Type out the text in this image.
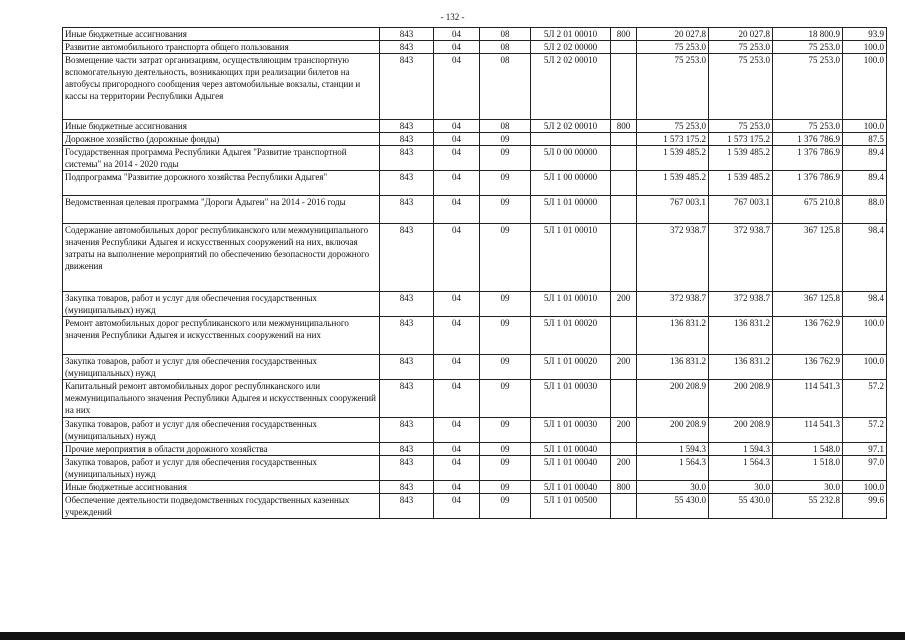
- 132 -
Иные бюджетные ассигнования	843	04	08	5Л 2 01 00010	800	20 027.8	20 027.8	18 800.9	93.9
Развитие автомобильного транспорта общего пользования	843	04	08	5Л 2 02 00000		75 253.0	75 253.0	75 253.0	100.0
Возмещение части затрат организациям, осуществляющим транспортную вспомогательную деятельность, возникающих при реализации билетов на автобусы пригородного сообщения через автомобильные вокзалы, станции и кассы на территории Республики Адыгея	843	04	08	5Л 2 02 00010		75 253.0	75 253.0	75 253.0	100.0
Иные бюджетные ассигнования	843	04	08	5Л 2 02 00010	800	75 253.0	75 253.0	75 253.0	100.0
Дорожное хозяйство (дорожные фонды)	843	04	09			1 573 175.2	1 573 175.2	1 376 786.9	87.5
Государственная программа Республики Адыгея "Развитие транспортной системы" на 2014 - 2020 годы	843	04	09	5Л 0 00 00000		1 539 485.2	1 539 485.2	1 376 786.9	89.4
Подпрограмма "Развитие дорожного хозяйства Республики Адыгея"	843	04	09	5Л 1 00 00000		1 539 485.2	1 539 485.2	1 376 786.9	89.4
Ведомственная целевая программа "Дороги Адыгеи" на 2014 - 2016 годы	843	04	09	5Л 1 01 00000		767 003.1	767 003.1	675 210.8	88.0
Содержание автомобильных дорог республиканского или межмуниципального значения Республики Адыгея и искусственных сооружений на них, включая затраты на выполнение мероприятий по обеспечению безопасности дорожного движения	843	04	09	5Л 1 01 00010		372 938.7	372 938.7	367 125.8	98.4
Закупка товаров, работ и услуг для обеспечения государственных (муниципальных) нужд	843	04	09	5Л 1 01 00010	200	372 938.7	372 938.7	367 125.8	98.4
Ремонт автомобильных дорог республиканского или межмуниципального значения Республики Адыгея и искусственных сооружений на них	843	04	09	5Л 1 01 00020		136 831.2	136 831.2	136 762.9	100.0
Закупка товаров, работ и услуг для обеспечения государственных (муниципальных) нужд	843	04	09	5Л 1 01 00020	200	136 831.2	136 831.2	136 762.9	100.0
Капитальный ремонт автомобильных дорог республиканского или межмуниципального значения Республики Адыгея и искусственных сооружений на них	843	04	09	5Л 1 01 00030		200 208.9	200 208.9	114 541.3	57.2
Закупка товаров, работ и услуг для обеспечения государственных (муниципальных) нужд	843	04	09	5Л 1 01 00030	200	200 208.9	200 208.9	114 541.3	57.2
Прочие мероприятия в области дорожного хозяйства	843	04	09	5Л 1 01 00040		1 594.3	1 594.3	1 548.0	97.1
Закупка товаров, работ и услуг для обеспечения государственных (муниципальных) нужд	843	04	09	5Л 1 01 00040	200	1 564.3	1 564.3	1 518.0	97.0
Иные бюджетные ассигнования	843	04	09	5Л 1 01 00040	800	30.0	30.0	30.0	100.0
Обеспечение деятельности подведомственных государственных казенных учреждений	843	04	09	5Л 1 01 00500		55 430.0	55 430.0	55 232.8	99.6
